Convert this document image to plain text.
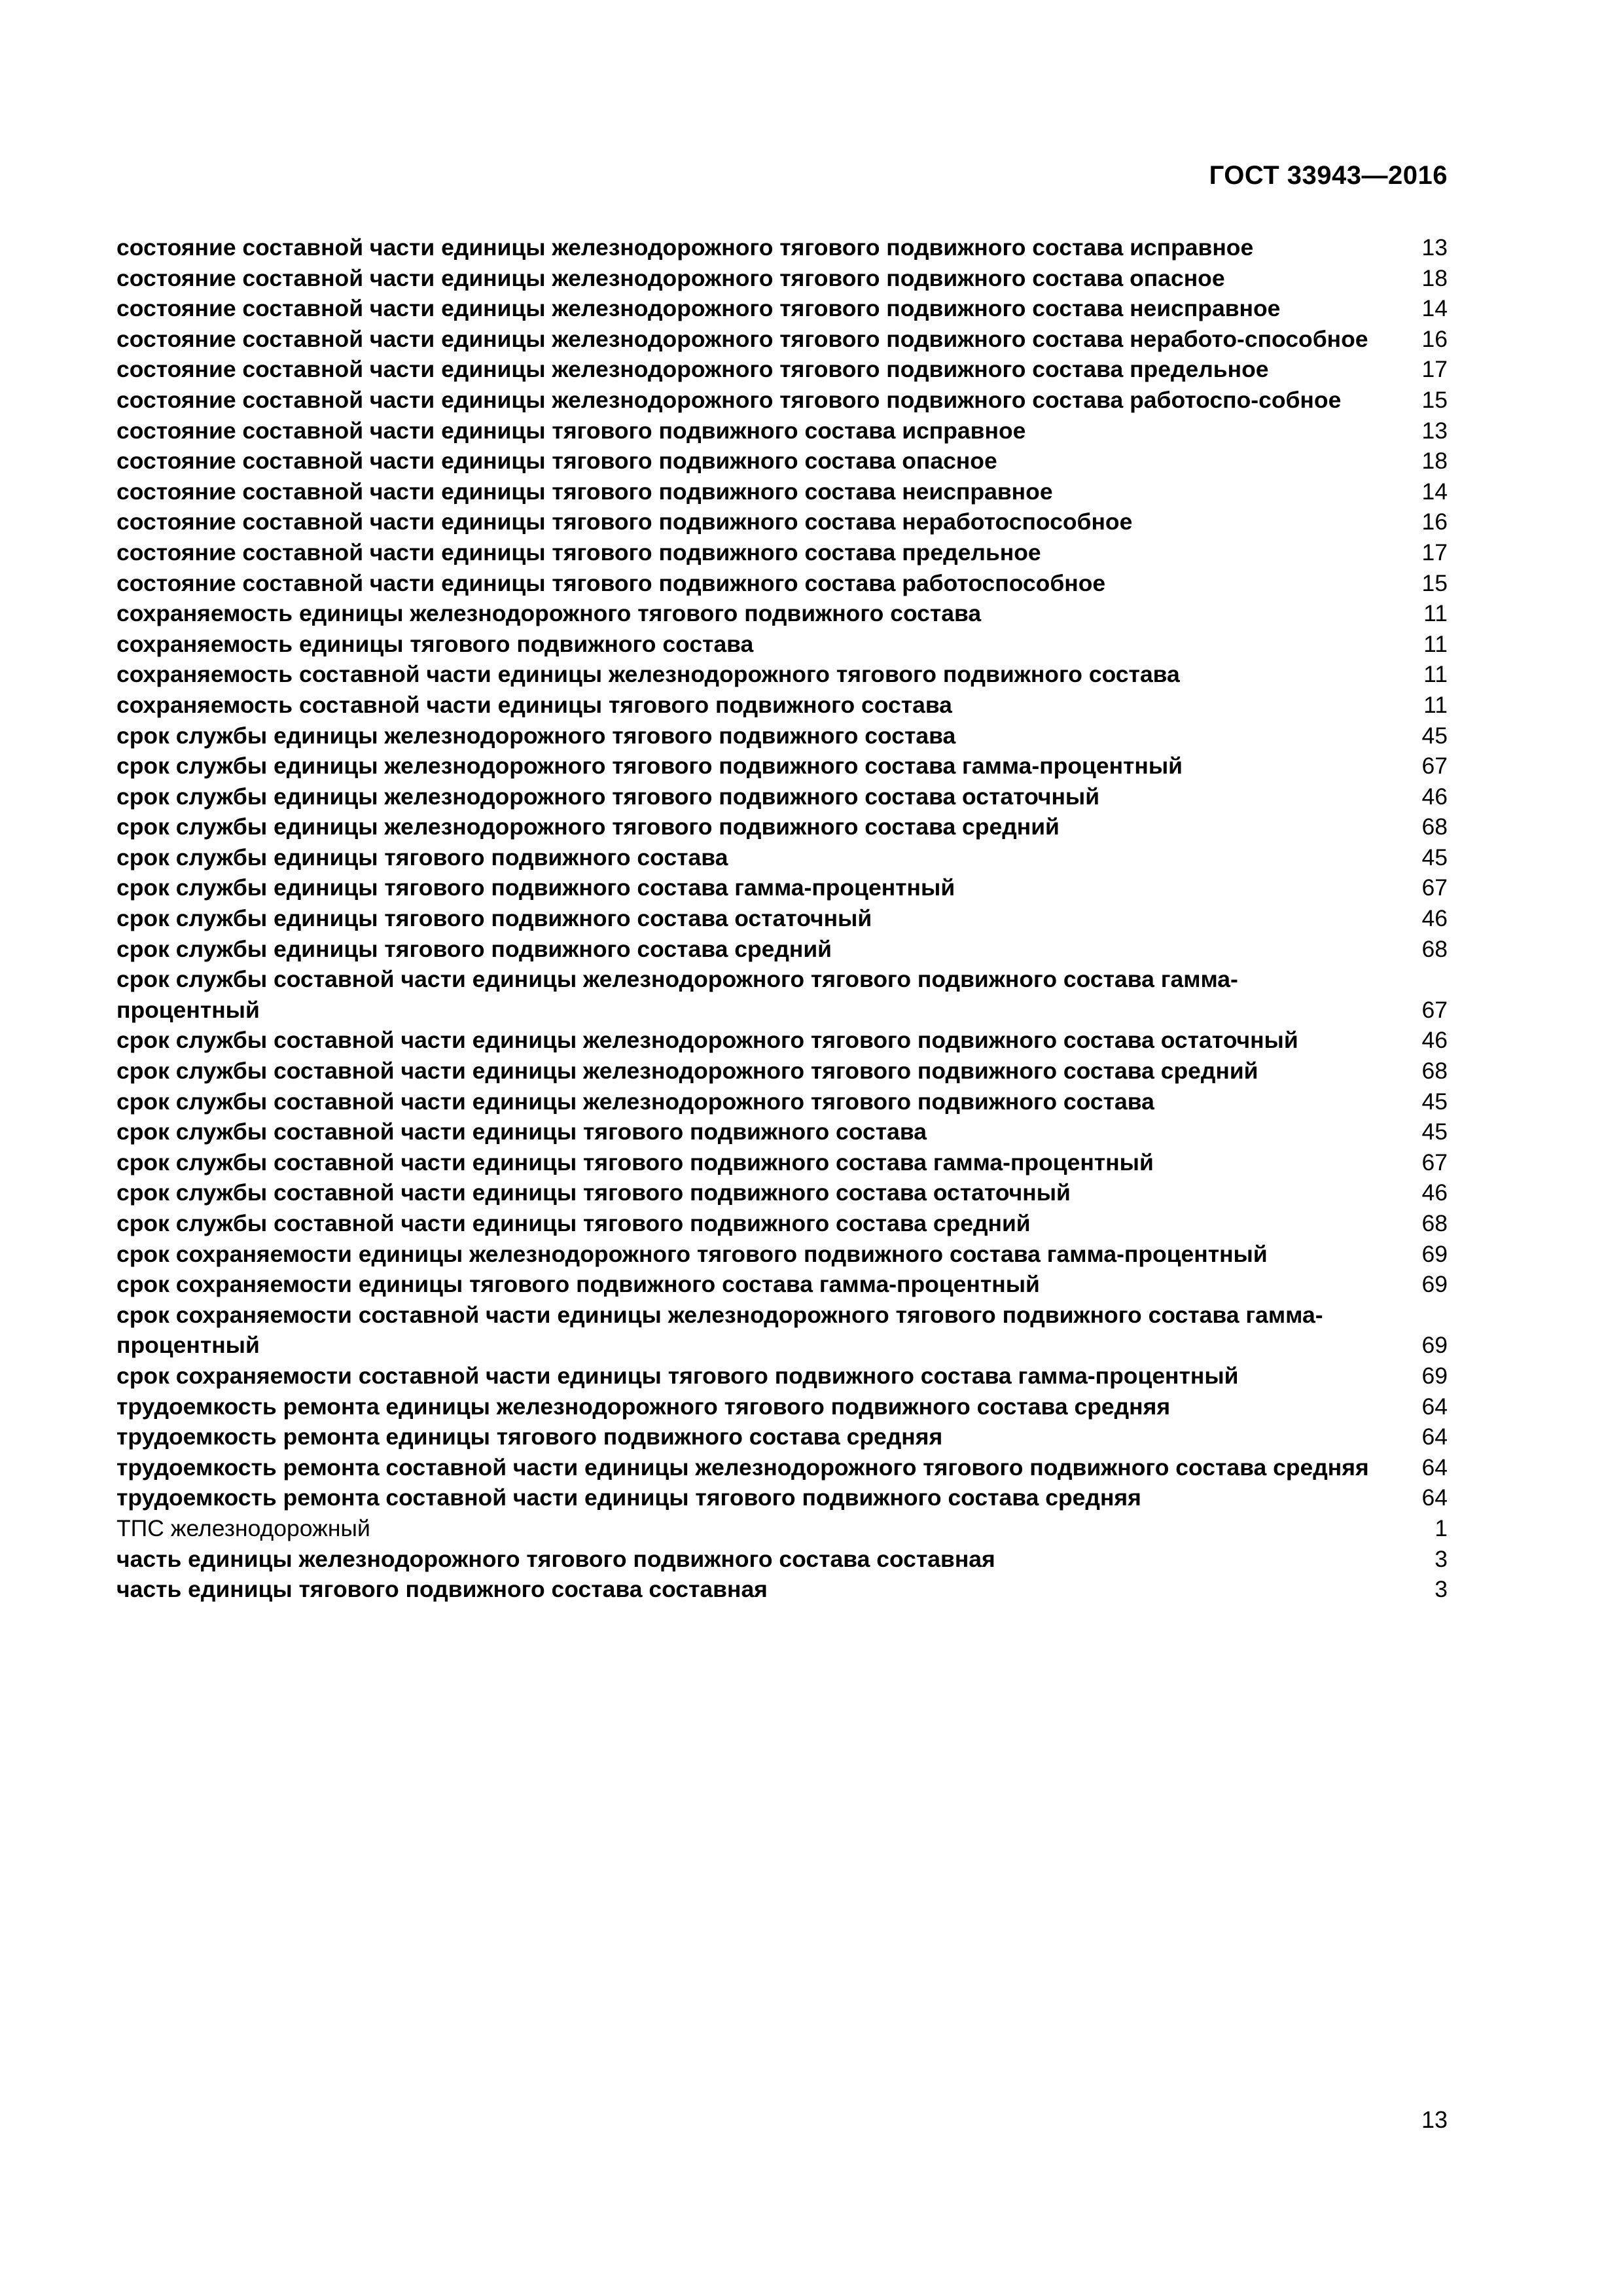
ГОСТ 33943—2016
состояние составной части единицы железнодорожного тягового подвижного состава исправное	13
состояние составной части единицы железнодорожного тягового подвижного состава опасное	18
состояние составной части единицы железнодорожного тягового подвижного состава неисправное	14
состояние составной части единицы железнодорожного тягового подвижного состава неработо-способное	16
состояние составной части единицы железнодорожного тягового подвижного состава предельное	17
состояние составной части единицы железнодорожного тягового подвижного состава работоспо-собное	15
состояние составной части единицы тягового подвижного состава исправное	13
состояние составной части единицы тягового подвижного состава опасное	18
состояние составной части единицы тягового подвижного состава неисправное	14
состояние составной части единицы тягового подвижного состава неработоспособное	16
состояние составной части единицы тягового подвижного состава предельное	17
состояние составной части единицы тягового подвижного состава работоспособное	15
сохраняемость единицы железнодорожного тягового подвижного состава	11
сохраняемость единицы тягового подвижного состава	11
сохраняемость составной части единицы железнодорожного тягового подвижного состава	11
сохраняемость составной части единицы тягового подвижного состава	11
срок службы единицы железнодорожного тягового подвижного состава	45
срок службы единицы железнодорожного тягового подвижного состава гамма-процентный	67
срок службы единицы железнодорожного тягового подвижного состава остаточный	46
срок службы единицы железнодорожного тягового подвижного состава средний	68
срок службы единицы тягового подвижного состава	45
срок службы единицы тягового подвижного состава гамма-процентный	67
срок службы единицы тягового подвижного состава остаточный	46
срок службы единицы тягового подвижного состава средний	68
срок службы составной части единицы железнодорожного тягового подвижного состава гамма-процентный	67
срок службы составной части единицы железнодорожного тягового подвижного состава остаточный	46
срок службы составной части единицы железнодорожного тягового подвижного состава средний	68
срок службы составной части единицы железнодорожного тягового подвижного состава	45
срок службы составной части единицы тягового подвижного состава	45
срок службы составной части единицы тягового подвижного состава гамма-процентный	67
срок службы составной части единицы тягового подвижного состава остаточный	46
срок службы составной части единицы тягового подвижного состава средний	68
срок сохраняемости единицы железнодорожного тягового подвижного состава гамма-процентный	69
срок сохраняемости единицы тягового подвижного состава гамма-процентный	69
срок сохраняемости составной части единицы железнодорожного тягового подвижного состава гамма-процентный	69
срок сохраняемости составной части единицы тягового подвижного состава гамма-процентный	69
трудоемкость ремонта единицы железнодорожного тягового подвижного состава средняя	64
трудоемкость ремонта единицы тягового подвижного состава средняя	64
трудоемкость ремонта составной части единицы железнодорожного тягового подвижного состава средняя	64
трудоемкость ремонта составной части единицы тягового подвижного состава средняя	64
ТПС железнодорожный	1
часть единицы железнодорожного тягового подвижного состава составная	3
часть единицы тягового подвижного состава составная	3
13
